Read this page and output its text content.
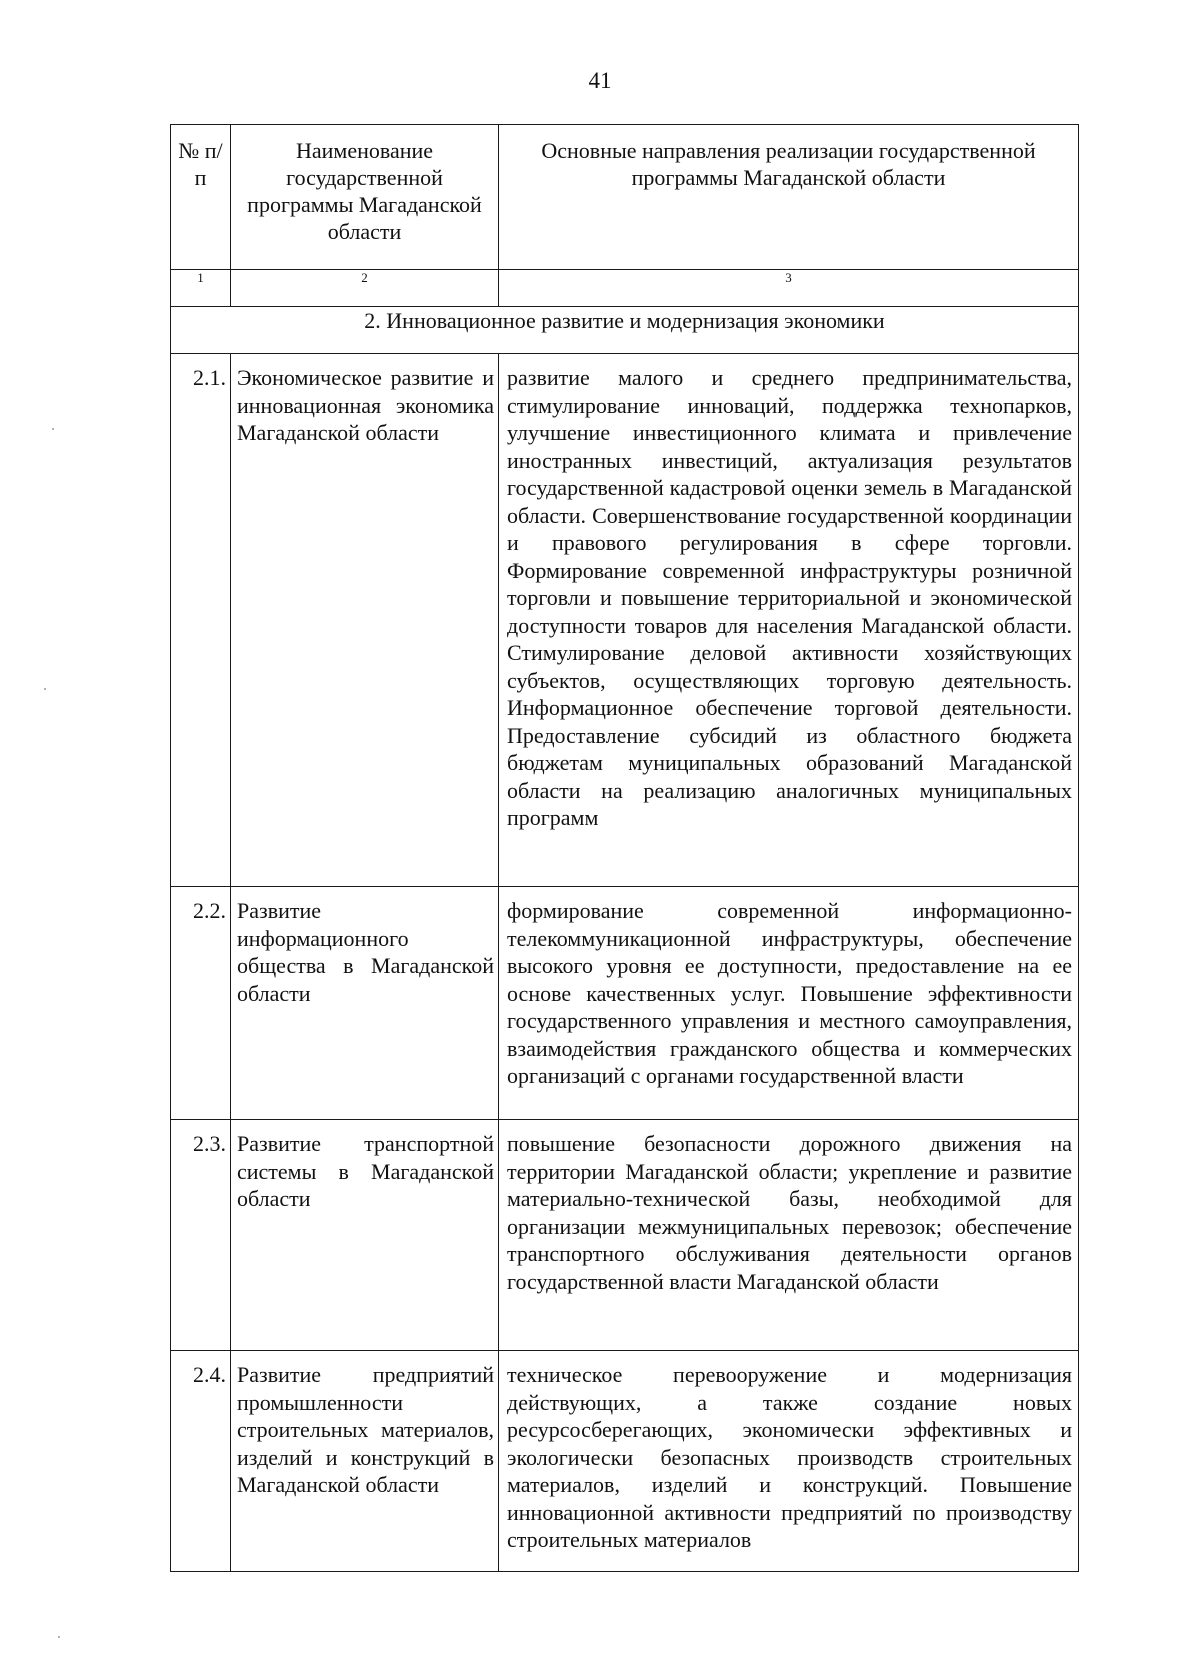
41
№ п/п	Наименование государственной программы Магаданской области	Основные направления реализации государственной программы Магаданской области
1	2	3
2. Инновационное развитие и модернизация экономики		
2.1.	Экономическое развитие и инновационная экономика Магаданской области	развитие малого и среднего предпринимательства, стимулирование инноваций, поддержка технопарков, улучшение инвестиционного климата и привлечение иностранных инвестиций, актуализация результатов государственной кадастровой оценки земель в Магаданской области. Совершенствование государственной координации и правового регулирования в сфере торговли. Формирование современной инфраструктуры розничной торговли и повышение территориальной и экономической доступности товаров для населения Магаданской области. Стимулирование деловой активности хозяйствующих субъектов, осуществляющих торговую деятельность. Информационное обеспечение торговой деятельности. Предоставление субсидий из областного бюджета бюджетам муниципальных образований Магаданской области на реализацию аналогичных муниципальных программ
2.2.	Развитие информационного общества в Магаданской области	формирование современной информационно-телекоммуникационной инфраструктуры, обеспечение высокого уровня ее доступности, предоставление на ее основе качественных услуг. Повышение эффективности государственного управления и местного самоуправления, взаимодействия гражданского общества и коммерческих организаций с органами государственной власти
2.3.	Развитие транспортной системы в Магаданской области	повышение безопасности дорожного движения на территории Магаданской области; укрепление и развитие материально-технической базы, необходимой для организации межмуниципальных перевозок; обеспечение транспортного обслуживания деятельности органов государственной власти Магаданской области
2.4.	Развитие предприятий промышленности строительных материалов, изделий и конструкций в Магаданской области	техническое перевооружение и модернизация действующих, а также создание новых ресурсосберегающих, экономически эффективных и экологически безопасных производств строительных материалов, изделий и конструкций. Повышение инновационной активности предприятий по производству строительных материалов
